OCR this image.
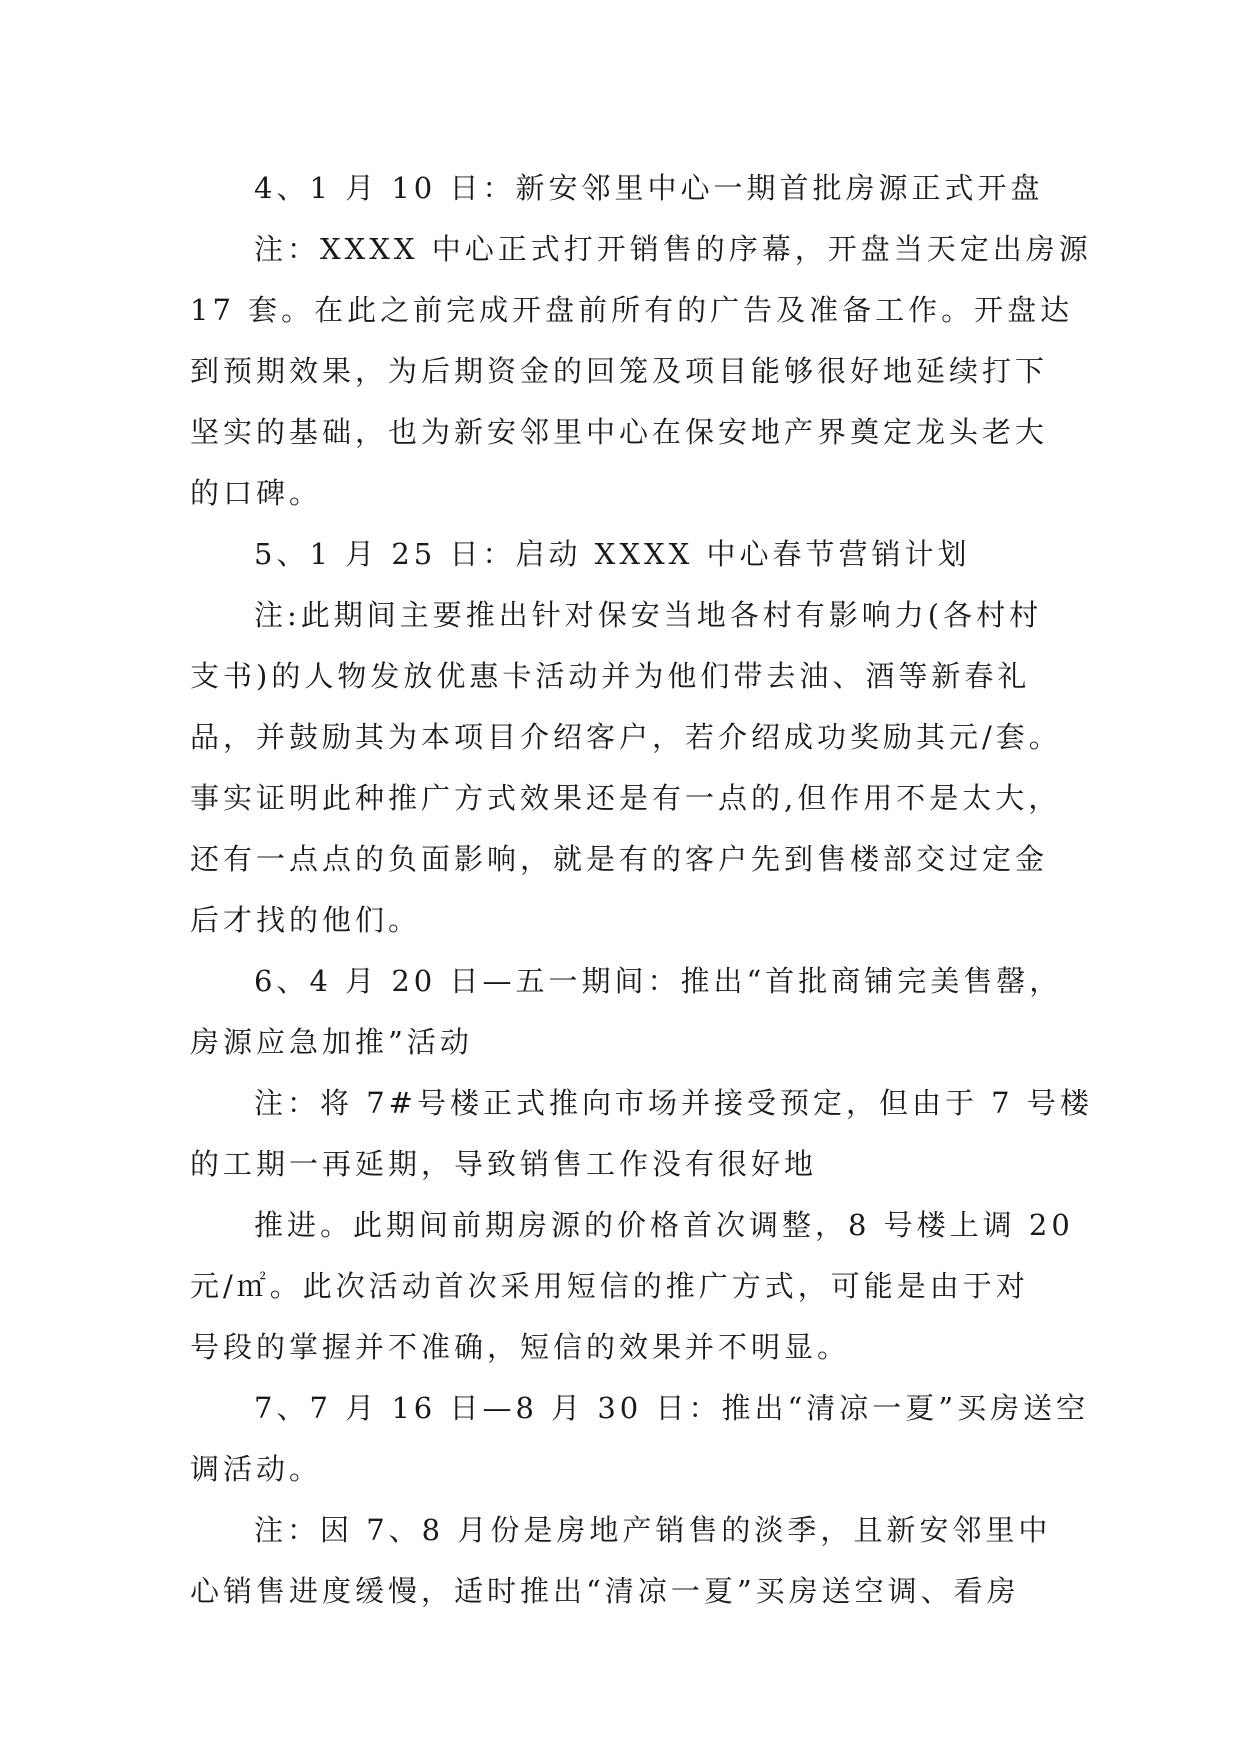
4、1 月 10 日：新安邻里中心一期首批房源正式开盘
注：XXXX 中心正式打开销售的序幕，开盘当天定出房源
17 套。在此之前完成开盘前所有的广告及准备工作。开盘达
到预期效果，为后期资金的回笼及项目能够很好地延续打下
坚实的基础，也为新安邻里中心在保安地产界奠定龙头老大
的口碑。
5、1 月 25 日：启动 XXXX 中心春节营销计划
注:此期间主要推出针对保安当地各村有影响力(各村村
支书)的人物发放优惠卡活动并为他们带去油、酒等新春礼
品，并鼓励其为本项目介绍客户，若介绍成功奖励其元/套。
事实证明此种推广方式效果还是有一点的,但作用不是太大，
还有一点点的负面影响，就是有的客户先到售楼部交过定金
后才找的他们。
6、4 月 20 日—五一期间：推出“首批商铺完美售罄，
房源应急加推”活动
注：将 7#号楼正式推向市场并接受预定，但由于 7 号楼
的工期一再延期，导致销售工作没有很好地
推进。此期间前期房源的价格首次调整，8 号楼上调 20
元/㎡。此次活动首次采用短信的推广方式，可能是由于对
号段的掌握并不准确，短信的效果并不明显。
7、7 月 16 日—8 月 30 日：推出“清凉一夏”买房送空
调活动。
注：因 7、8 月份是房地产销售的淡季，且新安邻里中
心销售进度缓慢，适时推出“清凉一夏”买房送空调、看房
